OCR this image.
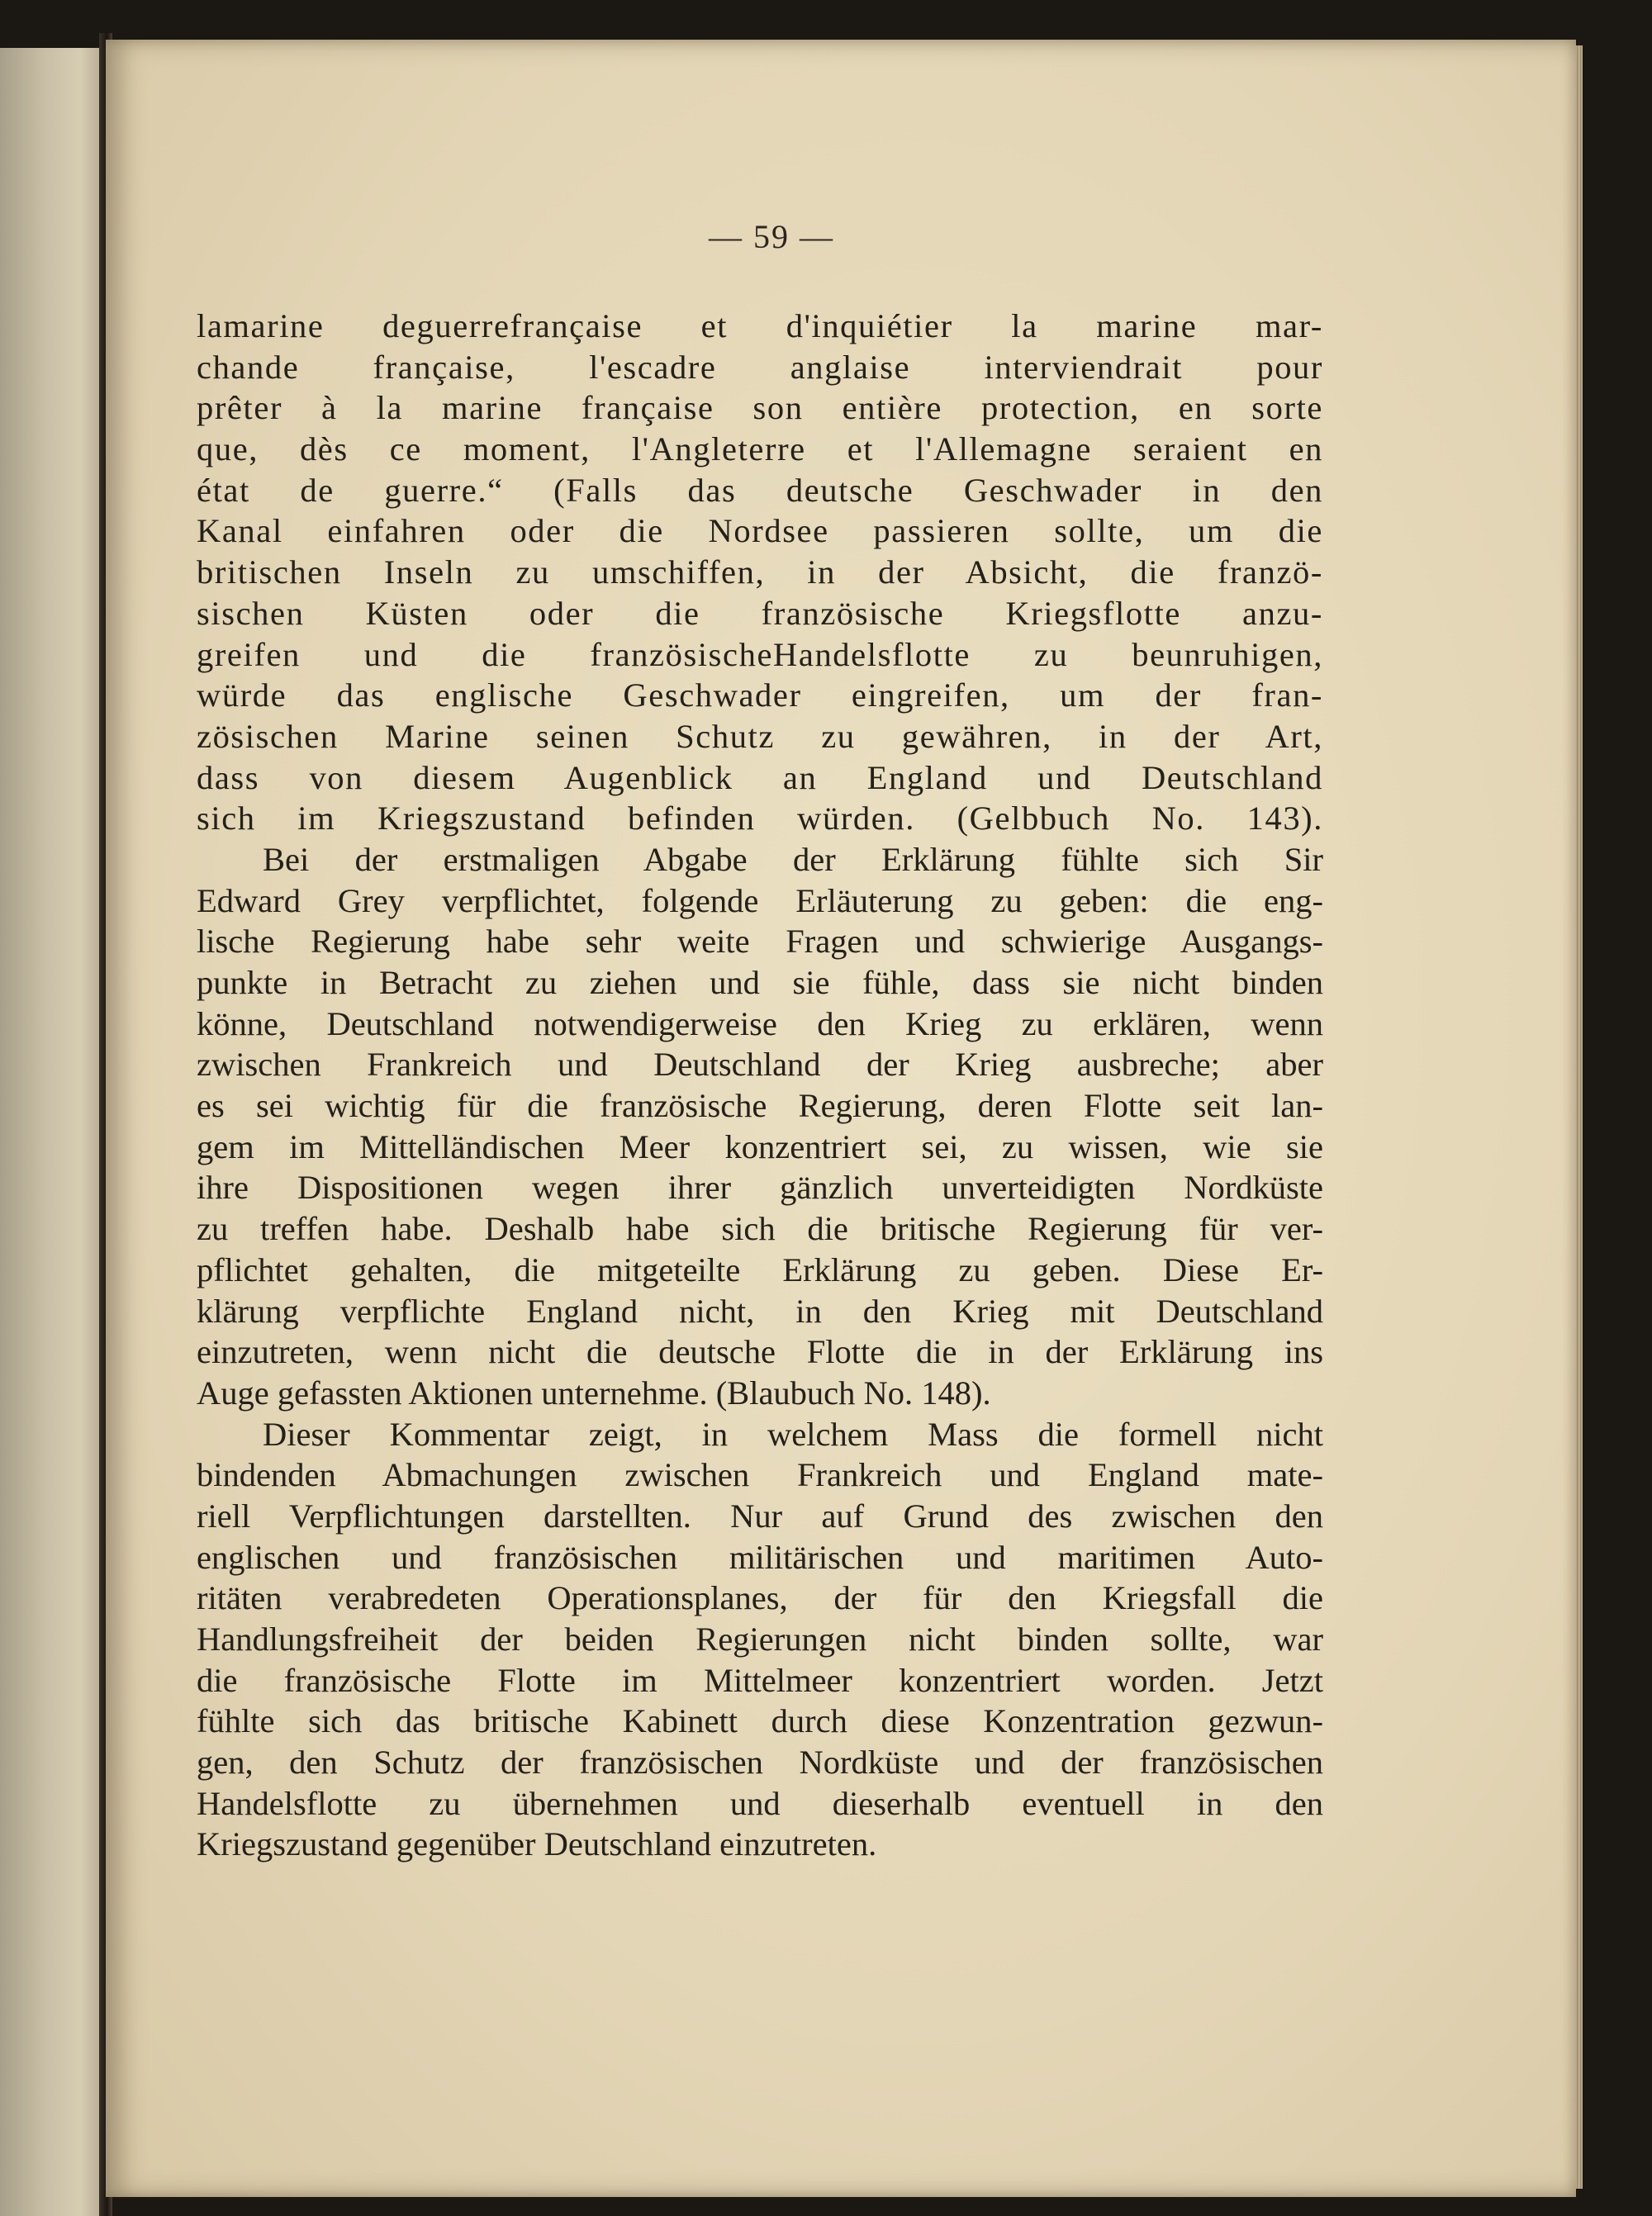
— 59 —
lamarine deguerrefrançaise et d'inquiétier la marine mar-
chande française, l'escadre anglaise interviendrait pour
prêter à la marine française son entière protection, en sorte
que, dès ce moment, l'Angleterre et l'Allemagne seraient en
état de guerre.“ (Falls das deutsche Geschwader in den
Kanal einfahren oder die Nordsee passieren sollte, um die
britischen Inseln zu umschiffen, in der Absicht, die franzö-
sischen Küsten oder die französische Kriegsflotte anzu-
greifen und die französischeHandelsflotte zu beunruhigen,
würde das englische Geschwader eingreifen, um der fran-
zösischen Marine seinen Schutz zu gewähren, in der Art,
dass von diesem Augenblick an England und Deutschland
sich im Kriegszustand befinden würden. (Gelbbuch No. 143).
Bei der erstmaligen Abgabe der Erklärung fühlte sich Sir
Edward Grey verpflichtet, folgende Erläuterung zu geben: die eng-
lische Regierung habe sehr weite Fragen und schwierige Ausgangs-
punkte in Betracht zu ziehen und sie fühle, dass sie nicht binden
könne, Deutschland notwendigerweise den Krieg zu erklären, wenn
zwischen Frankreich und Deutschland der Krieg ausbreche; aber
es sei wichtig für die französische Regierung, deren Flotte seit lan-
gem im Mittelländischen Meer konzentriert sei, zu wissen, wie sie
ihre Dispositionen wegen ihrer gänzlich unverteidigten Nordküste
zu treffen habe. Deshalb habe sich die britische Regierung für ver-
pflichtet gehalten, die mitgeteilte Erklärung zu geben. Diese Er-
klärung verpflichte England nicht, in den Krieg mit Deutschland
einzutreten, wenn nicht die deutsche Flotte die in der Erklärung ins
Auge gefassten Aktionen unternehme. (Blaubuch No. 148).
Dieser Kommentar zeigt, in welchem Mass die formell nicht
bindenden Abmachungen zwischen Frankreich und England mate-
riell Verpflichtungen darstellten. Nur auf Grund des zwischen den
englischen und französischen militärischen und maritimen Auto-
ritäten verabredeten Operationsplanes, der für den Kriegsfall die
Handlungsfreiheit der beiden Regierungen nicht binden sollte, war
die französische Flotte im Mittelmeer konzentriert worden. Jetzt
fühlte sich das britische Kabinett durch diese Konzentration gezwun-
gen, den Schutz der französischen Nordküste und der französischen
Handelsflotte zu übernehmen und dieserhalb eventuell in den
Kriegszustand gegenüber Deutschland einzutreten.
